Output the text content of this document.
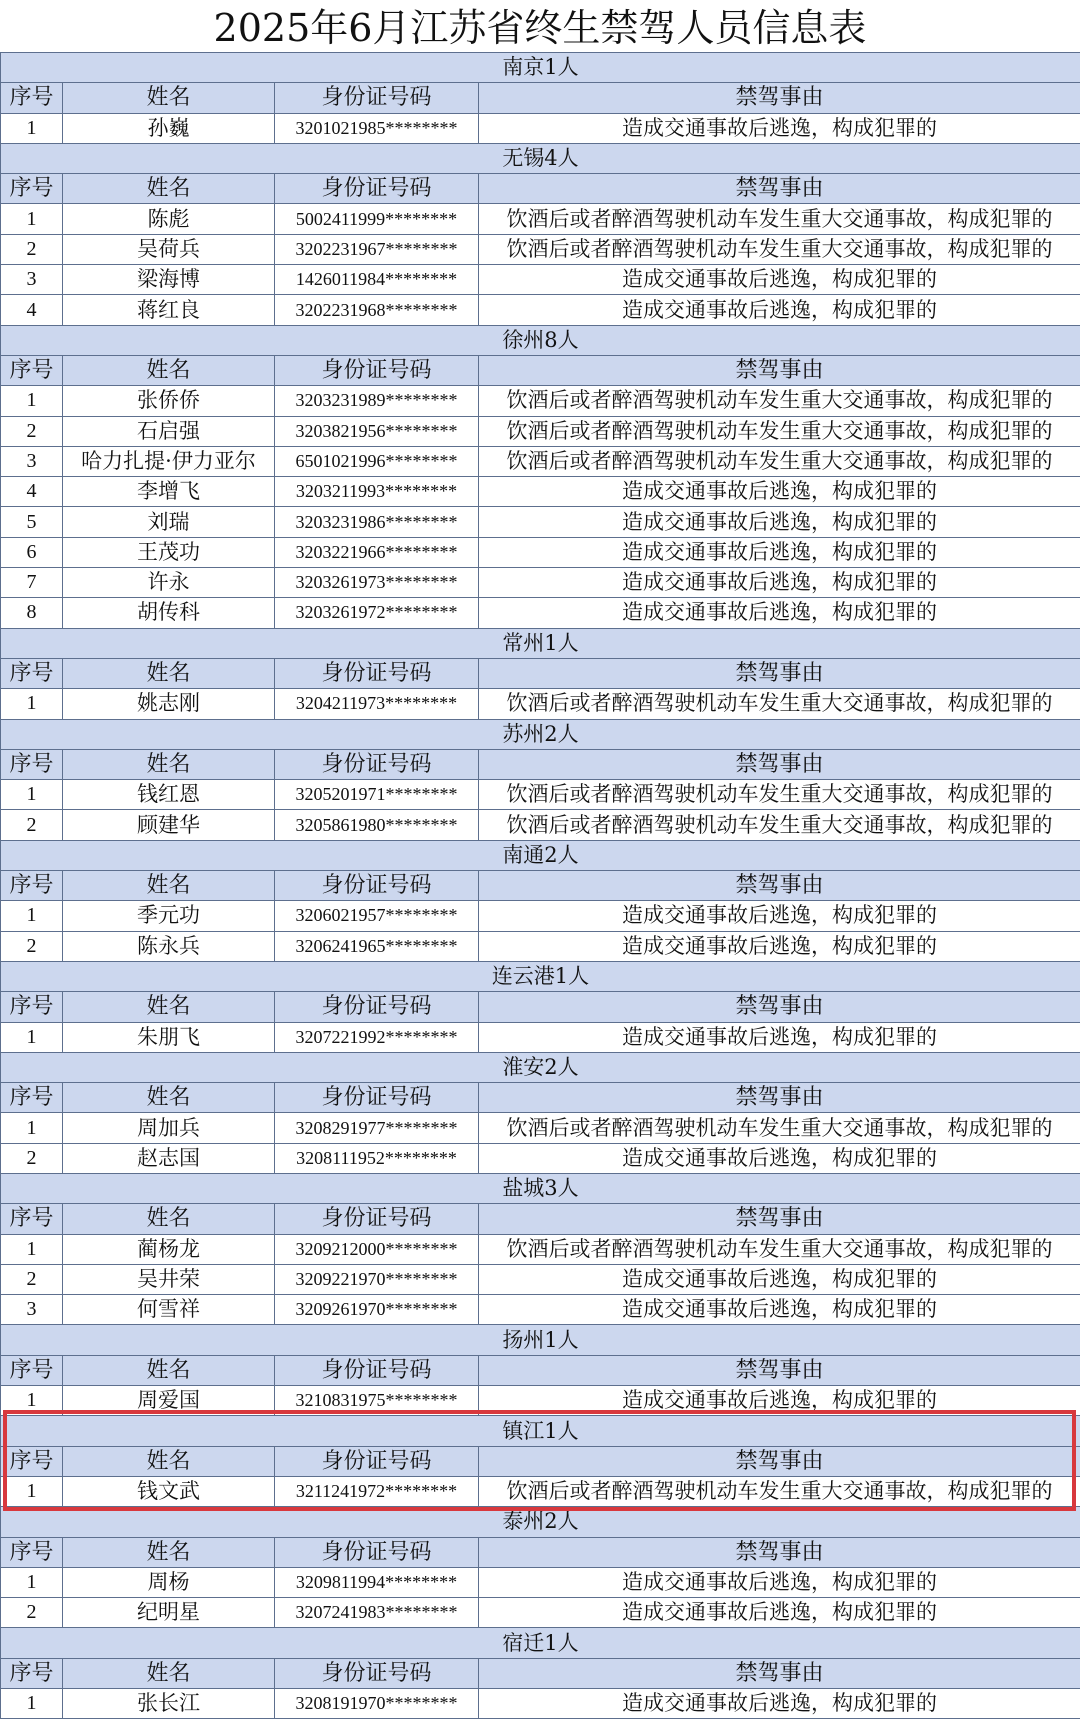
2025年6月江苏省终生禁驾人员信息表
南京1人			
序号	姓名	身份证号码	禁驾事由
1	孙巍	3201021985********	造成交通事故后逃逸，构成犯罪的
无锡4人			
序号	姓名	身份证号码	禁驾事由
1	陈彪	5002411999********	饮酒后或者醉酒驾驶机动车发生重大交通事故，构成犯罪的
2	吴荷兵	3202231967********	饮酒后或者醉酒驾驶机动车发生重大交通事故，构成犯罪的
3	梁海博	1426011984********	造成交通事故后逃逸，构成犯罪的
4	蒋红良	3202231968********	造成交通事故后逃逸，构成犯罪的
徐州8人			
序号	姓名	身份证号码	禁驾事由
1	张侨侨	3203231989********	饮酒后或者醉酒驾驶机动车发生重大交通事故，构成犯罪的
2	石启强	3203821956********	饮酒后或者醉酒驾驶机动车发生重大交通事故，构成犯罪的
3	哈力扎提·伊力亚尔	6501021996********	饮酒后或者醉酒驾驶机动车发生重大交通事故，构成犯罪的
4	李增飞	3203211993********	造成交通事故后逃逸，构成犯罪的
5	刘瑞	3203231986********	造成交通事故后逃逸，构成犯罪的
6	王茂功	3203221966********	造成交通事故后逃逸，构成犯罪的
7	许永	3203261973********	造成交通事故后逃逸，构成犯罪的
8	胡传科	3203261972********	造成交通事故后逃逸，构成犯罪的
常州1人			
序号	姓名	身份证号码	禁驾事由
1	姚志刚	3204211973********	饮酒后或者醉酒驾驶机动车发生重大交通事故，构成犯罪的
苏州2人			
序号	姓名	身份证号码	禁驾事由
1	钱红恩	3205201971********	饮酒后或者醉酒驾驶机动车发生重大交通事故，构成犯罪的
2	顾建华	3205861980********	饮酒后或者醉酒驾驶机动车发生重大交通事故，构成犯罪的
南通2人			
序号	姓名	身份证号码	禁驾事由
1	季元功	3206021957********	造成交通事故后逃逸，构成犯罪的
2	陈永兵	3206241965********	造成交通事故后逃逸，构成犯罪的
连云港1人			
序号	姓名	身份证号码	禁驾事由
1	朱朋飞	3207221992********	造成交通事故后逃逸，构成犯罪的
淮安2人			
序号	姓名	身份证号码	禁驾事由
1	周加兵	3208291977********	饮酒后或者醉酒驾驶机动车发生重大交通事故，构成犯罪的
2	赵志国	3208111952********	造成交通事故后逃逸，构成犯罪的
盐城3人			
序号	姓名	身份证号码	禁驾事由
1	蔺杨龙	3209212000********	饮酒后或者醉酒驾驶机动车发生重大交通事故，构成犯罪的
2	吴井荣	3209221970********	造成交通事故后逃逸，构成犯罪的
3	何雪祥	3209261970********	造成交通事故后逃逸，构成犯罪的
扬州1人			
序号	姓名	身份证号码	禁驾事由
1	周爱国	3210831975********	造成交通事故后逃逸，构成犯罪的
镇江1人			
序号	姓名	身份证号码	禁驾事由
1	钱文武	3211241972********	饮酒后或者醉酒驾驶机动车发生重大交通事故，构成犯罪的
泰州2人			
序号	姓名	身份证号码	禁驾事由
1	周杨	3209811994********	造成交通事故后逃逸，构成犯罪的
2	纪明星	3207241983********	造成交通事故后逃逸，构成犯罪的
宿迁1人			
序号	姓名	身份证号码	禁驾事由
1	张长江	3208191970********	造成交通事故后逃逸，构成犯罪的
